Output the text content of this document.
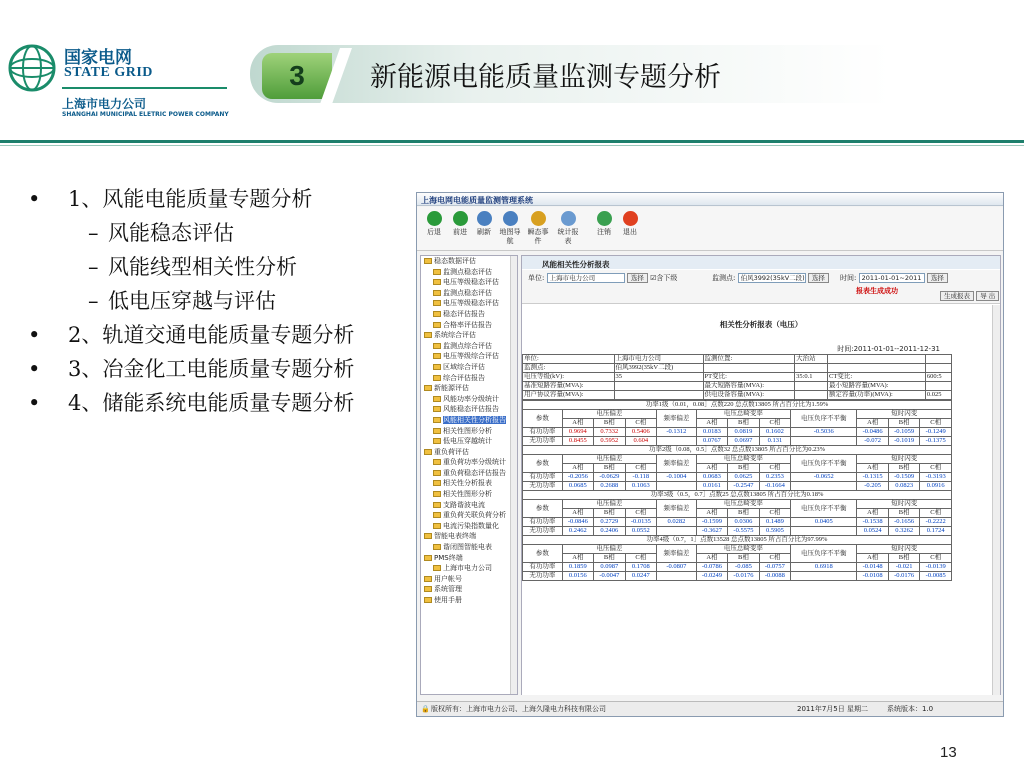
国家电网
STATE GRID
上海市电力公司
SHANGHAI MUNICIPAL ELETRIC POWER COMPANY
3	新能源电能质量监测专题分析
• 1、风能电能质量专题分析
– 风能稳态评估
– 风能线型相关性分析
– 低电压穿越与评估
• 2、轨道交通电能质量专题分析
• 3、冶金化工电能质量专题分析
• 4、储能系统电能质量专题分析
上海电网电能质量监测管理系统
后退	前进	刷新	地图导航
瞬态事件
统计报表
注销	退出
稳态数据评估
监测点稳态评估
电压等级稳态评估
监测点稳态评估
电压等级稳态评估
稳态评估报告
合格率评估报告
系统综合评估
监测点综合评估
电压等级综合评估
区域综合评估
综合评估报告
新能源评估
风能功率分级统计
风能稳态评估报告
风能相关性分析报告
相关性图形分析
低电压穿越统计
重负荷评估
重负荷功率分级统计
重负荷稳态评估报告
相关性分析报表
相关性图形分析
支路谐波电流
重负荷关联负荷分析
电流污染指数量化
智能电表终端
谐闭图智能电表
PMS终端
上海市电力公司
用户帐号
系统管理
使用手册
风能相关性分析报表
单位: 上海市电力公司	选择 ☑含下级	监测点: 伯风3992(35kV二段) 选择	时间: 2011-01-01~2011 选择
报表生成成功
生成报表 导 出
相关性分析报表（电压）
时间:2011-01-01--2011-12-31
单位:	上海市电力公司	监测位置:	大治站		
监测点:	伯风3992(35kV二段)				
电压等级(kV):	35	PT变比:	35:0.1	CT变比:	600:5
基准短路容量(MVA):		最大短路容量(MVA):		最小短路容量(MVA):	
用户协议容量(MVA):		供电设备容量(MVA):		额定容量(功率)(MVA):	0.025
功率1级（0.01，0.08］点数220 总点数13805 所占百分比为1.59%											
参数	电压偏差			频率偏差	电压总畸变率			电压负序不平衡	短时闪变		
	A相	B相	C相		A相	B相	C相		A相	B相	C相
有功功率	0.9694	0.7332	0.5406	-0.1312	0.0183	0.0819	0.1602	-0.5036	-0.0486	-0.1059	-0.1249
无功功率	0.8455	0.5952	0.604		0.0767	0.0697	0.131		-0.072	-0.1019	-0.1375
功率2级（0.08，0.5］点数32 总点数13805 所占百分比为0.23%											
参数	电压偏差			频率偏差	电压总畸变率			电压负序不平衡	短时闪变		
	A相	B相	C相		A相	B相	C相		A相	B相	C相
有功功率	-0.2056	-0.0629	-0.118	-0.1004	0.0683	0.0625	0.2353	-0.0652	-0.1315	-0.1509	-0.3193
无功功率	0.0685	0.2688	0.1063		0.0161	-0.2547	-0.1664		-0.205	0.0823	0.0916
功率3级（0.5，0.7］点数25 总点数13805 所占百分比为0.18%											
参数	电压偏差			频率偏差	电压总畸变率			电压负序不平衡	短时闪变		
	A相	B相	C相		A相	B相	C相		A相	B相	C相
有功功率	-0.0846	0.2729	-0.0135	0.0282	-0.1599	0.0306	0.1489	0.0405	-0.1538	-0.1656	-0.2222
无功功率	0.2462	0.2406	0.0552		-0.3627	-0.5575	0.5905		0.0524	0.3262	0.1724
功率4级（0.7，1］点数13528 总点数13805 所占百分比为97.99%											
参数	电压偏差			频率偏差	电压总畸变率			电压负序不平衡	短时闪变		
	A相	B相	C相		A相	B相	C相		A相	B相	C相
有功功率	0.1859	0.0987	0.1708	-0.0807	-0.0786	-0.085	-0.0757	0.6918	-0.0148	-0.021	-0.0139
无功功率	0.0156	-0.0047	0.0247		-0.0249	-0.0176	-0.0088		-0.0108	-0.0176	-0.0085
🔒 版权所有：上海市电力公司、上海久隆电力科技有限公司	2011年7月5日 星期二	系统版本：1.0
13
